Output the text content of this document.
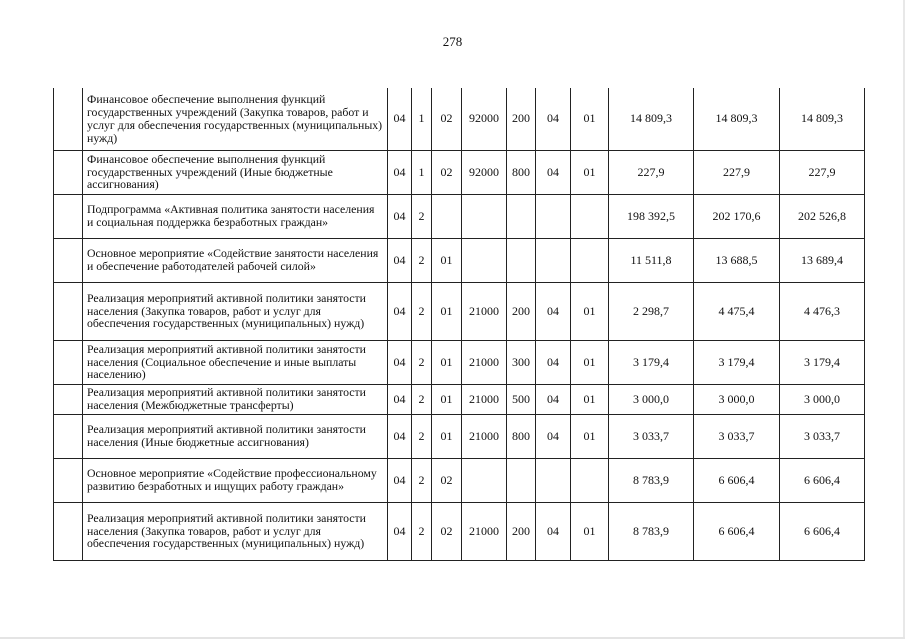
278
	Финансовое обеспечение выполнения функций государственных учреждений (Закупка товаров, работ и услуг для обеспечения государственных (муниципальных) нужд)	04	1	02	92000	200	04	01	14 809,3	14 809,3	14 809,3
	Финансовое обеспечение выполнения функций государственных учреждений (Иные бюджетные ассигнования)	04	1	02	92000	800	04	01	227,9	227,9	227,9
	Подпрограмма «Активная политика занятости населения и социальная поддержка безработных граждан»	04	2						198 392,5	202 170,6	202 526,8
	Основное мероприятие «Содействие занятости населения и обеспечение работодателей рабочей силой»	04	2	01					11 511,8	13 688,5	13 689,4
	Реализация мероприятий активной политики занятости населения (Закупка товаров, работ и услуг для обеспечения государственных (муниципальных) нужд)	04	2	01	21000	200	04	01	2 298,7	4 475,4	4 476,3
	Реализация мероприятий активной политики занятости населения (Социальное обеспечение и иные выплаты населению)	04	2	01	21000	300	04	01	3 179,4	3 179,4	3 179,4
	Реализация мероприятий активной политики занятости населения (Межбюджетные трансферты)	04	2	01	21000	500	04	01	3 000,0	3 000,0	3 000,0
	Реализация мероприятий активной политики занятости населения (Иные бюджетные ассигнования)	04	2	01	21000	800	04	01	3 033,7	3 033,7	3 033,7
	Основное мероприятие «Содействие профессиональному развитию безработных и ищущих работу граждан»	04	2	02					8 783,9	6 606,4	6 606,4
	Реализация мероприятий активной политики занятости населения (Закупка товаров, работ и услуг для обеспечения государственных (муниципальных) нужд)	04	2	02	21000	200	04	01	8 783,9	6 606,4	6 606,4
